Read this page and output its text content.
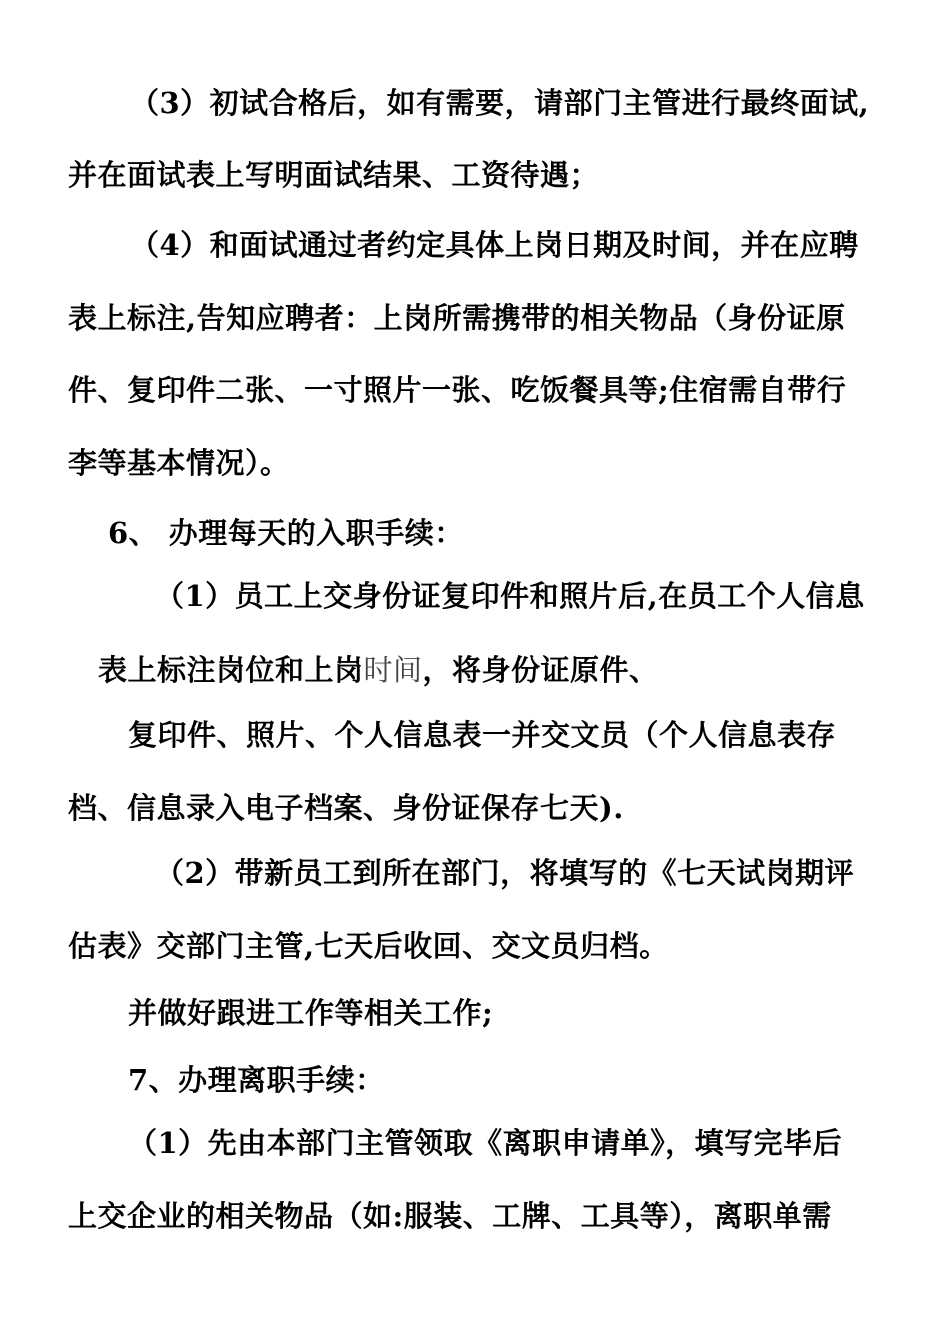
（3）初试合格后，如有需要，请部门主管进行最终面试,
并在面试表上写明面试结果、工资待遇；
（4）和面试通过者约定具体上岗日期及时间，并在应聘
表上标注,告知应聘者：上岗所需携带的相关物品（身份证原
件、复印件二张、一寸照片一张、吃饭餐具等;住宿需自带行
李等基本情况）。
6、 办理每天的入职手续：
（1）员工上交身份证复印件和照片后,在员工个人信息
表上标注岗位和上岗时间，将身份证原件、
复印件、照片、个人信息表一并交文员（个人信息表存
档、信息录入电子档案、身份证保存七天).
（2）带新员工到所在部门，将填写的《七天试岗期评
估表》交部门主管,七天后收回、交文员归档。
并做好跟进工作等相关工作;
7、办理离职手续：
（1）先由本部门主管领取《离职申请单》，填写完毕后
上交企业的相关物品（如:服装、工牌、工具等），离职单需
